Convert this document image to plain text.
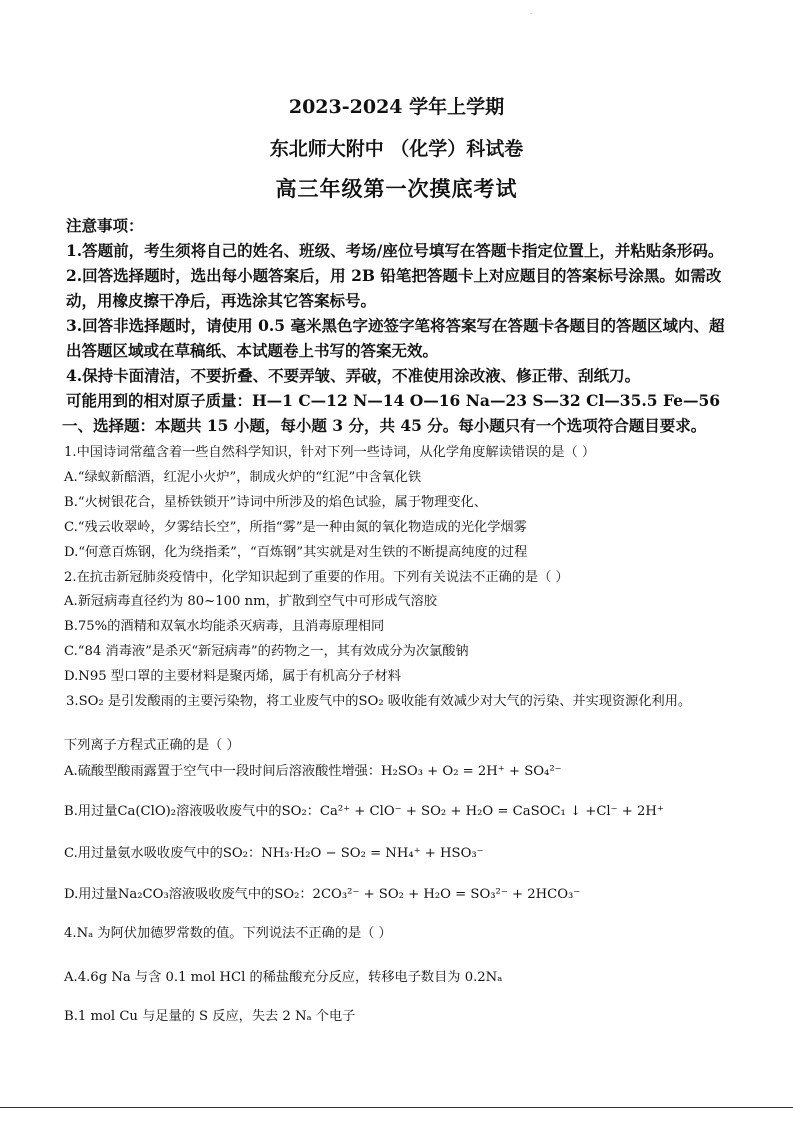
·
2023-2024 学年上学期
东北师大附中 （化学）科试卷
高三年级第一次摸底考试
注意事项：
1.答题前，考生须将自己的姓名、班级、考场/座位号填写在答题卡指定位置上，并粘贴条形码。
2.回答选择题时，选出每小题答案后，用 2B 铅笔把答题卡上对应题目的答案标号涂黑。如需改
动，用橡皮擦干净后，再选涂其它答案标号。
3.回答非选择题时，请使用 0.5 毫米黑色字迹签字笔将答案写在答题卡各题目的答题区域内、超
出答题区域或在草稿纸、本试题卷上书写的答案无效。
4.保持卡面清洁，不要折叠、不要弄皱、弄破，不准使用涂改液、修正带、刮纸刀。
可能用到的相对原子质量：H—1 C—12 N—14 O—16 Na—23 S—32 Cl—35.5 Fe—56
一、选择题：本题共 15 小题，每小题 3 分，共 45 分。每小题只有一个选项符合题目要求。
1.中国诗词常蕴含着一些自然科学知识，针对下列一些诗词，从化学角度解读错误的是（ ）
A.“绿蚁新醅酒，红泥小火炉”，制成火炉的“红泥”中含氧化铁
B.“火树银花合，星桥铁锁开”诗词中所涉及的焰色试验，属于物理变化、
C.“残云收翠岭，夕雾结长空”，所指“雾”是一种由氮的氧化物造成的光化学烟雾
D.“何意百炼钢，化为绕指柔”，“百炼钢”其实就是对生铁的不断提高纯度的过程
2.在抗击新冠肺炎疫情中，化学知识起到了重要的作用。下列有关说法不正确的是（ ）
A.新冠病毒直径约为 80~100 nm，扩散到空气中可形成气溶胶
B.75%的酒精和双氧水均能杀灭病毒，且消毒原理相同
C.“84 消毒液”是杀灭“新冠病毒”的药物之一，其有效成分为次氯酸钠
D.N95 型口罩的主要材料是聚丙烯，属于有机高分子材料
3.SO₂ 是引发酸雨的主要污染物，将工业废气中的SO₂ 吸收能有效减少对大气的污染、并实现资源化利用。
下列离子方程式正确的是（ ）
A.硫酸型酸雨露置于空气中一段时间后溶液酸性增强：H₂SO₃ + O₂ = 2H⁺ + SO₄²⁻
B.用过量Ca(ClO)₂溶液吸收废气中的SO₂：Ca²⁺ + ClO⁻ + SO₂ + H₂O = CaSOC₁ ↓ +Cl⁻ + 2H⁺
C.用过量氨水吸收废气中的SO₂：NH₃·H₂O − SO₂ = NH₄⁺ + HSO₃⁻
D.用过量Na₂CO₃溶液吸收废气中的SO₂：2CO₃²⁻ + SO₂ + H₂O = SO₃²⁻ + 2HCO₃⁻
4.Nₐ 为阿伏加德罗常数的值。下列说法不正确的是（ ）
A.4.6g Na 与含 0.1 mol HCl 的稀盐酸充分反应，转移电子数目为 0.2Nₐ
B.1 mol Cu 与足量的 S 反应，失去 2 Nₐ 个电子
